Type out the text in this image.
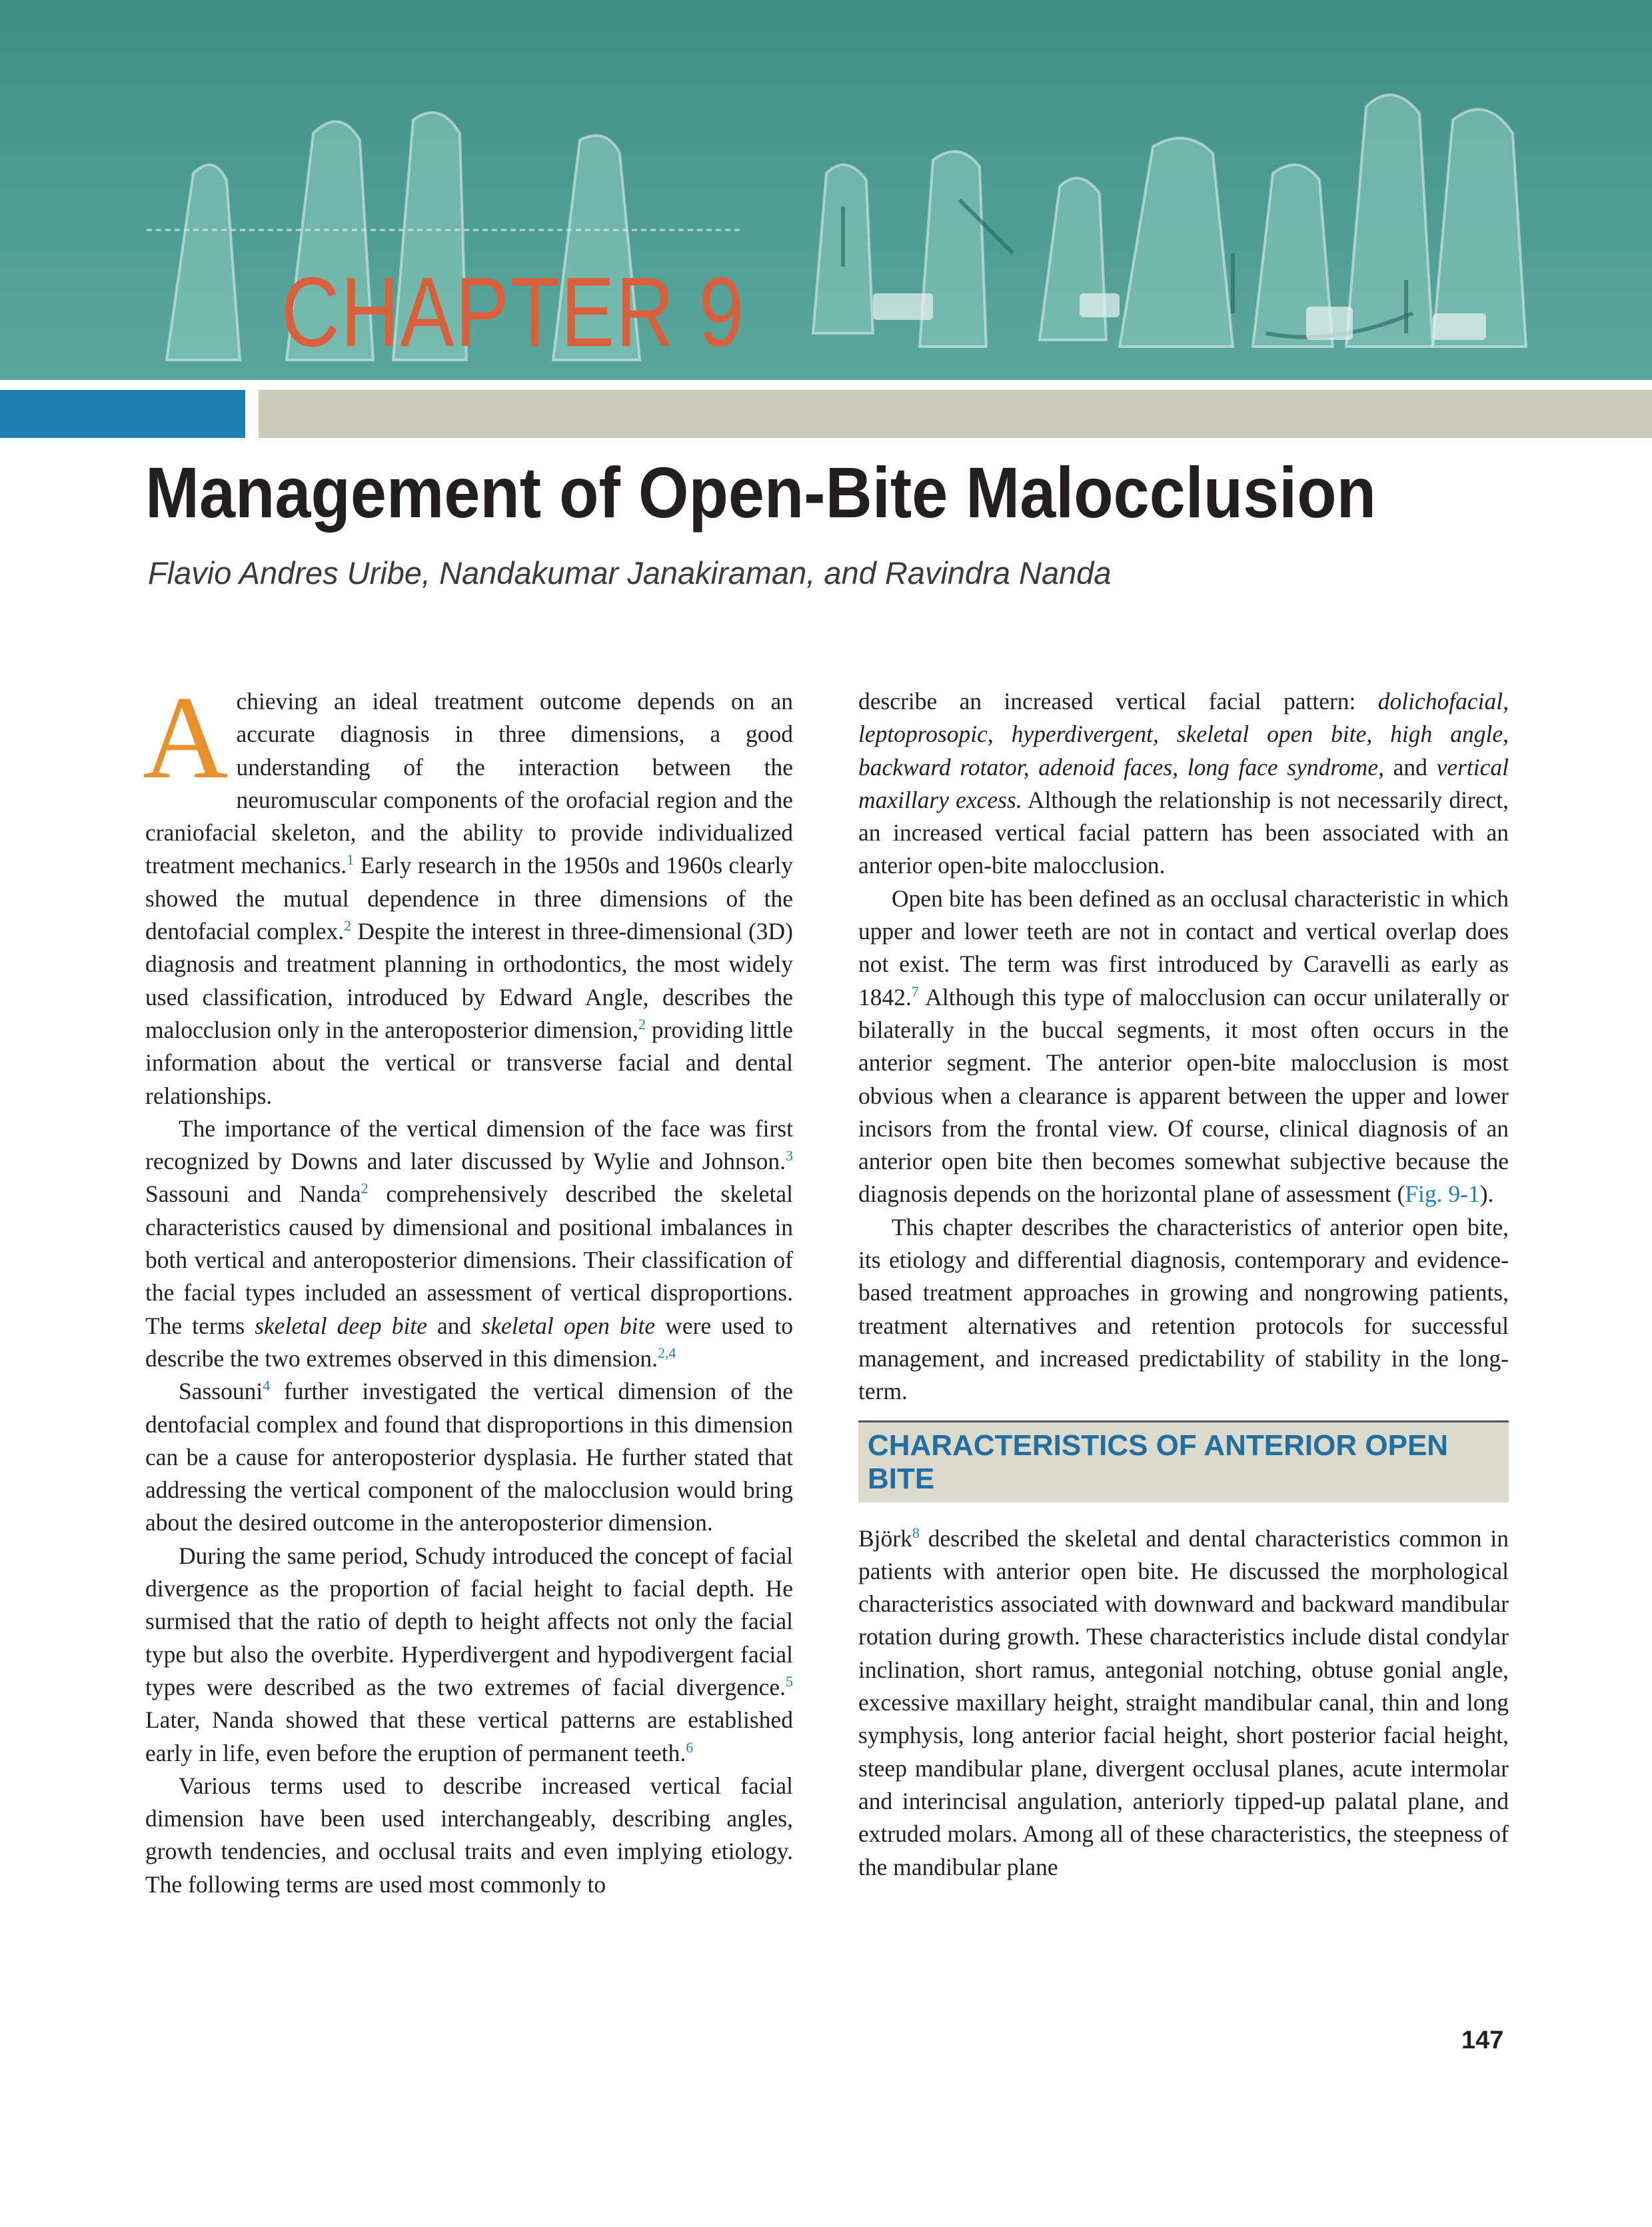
CHAPTER 9
Management of Open-Bite Malocclusion
Flavio Andres Uribe, Nandakumar Janakiraman, and Ravindra Nanda

Achieving an ideal treatment outcome depends on an accurate diagnosis in three dimensions, a good understanding of the interaction between the neuromuscular components of the orofacial region and the craniofacial skeleton, and the ability to provide individualized treatment mechanics.$^1$ Early research in the 1950s and 1960s clearly showed the mutual dependence in three dimensions of the dentofacial complex.$^2$ Despite the interest in three-dimensional (3D) diagnosis and treatment planning in orthodontics, the most widely used classification, introduced by Edward Angle, describes the malocclusion only in the anteroposterior dimension,$^2$ providing little information about the vertical or transverse facial and dental relationships.

The importance of the vertical dimension of the face was first recognized by Downs and later discussed by Wylie and Johnson.$^3$ Sassouni and Nanda$^2$ comprehensively described the skeletal characteristics caused by dimensional and positional imbalances in both vertical and anteroposterior dimensions. Their classification of the facial types included an assessment of vertical disproportions. The terms skeletal deep bite and skeletal open bite were used to describe the two extremes observed in this dimension.$^{2,4}$

Sassouni$^4$ further investigated the vertical dimension of the dentofacial complex and found that disproportions in this dimension can be a cause for anteroposterior dysplasia. He further stated that addressing the vertical component of the malocclusion would bring about the desired outcome in the anteroposterior dimension.

During the same period, Schudy introduced the concept of facial divergence as the proportion of facial height to facial depth. He surmised that the ratio of depth to height affects not only the facial type but also the overbite. Hyperdivergent and hypodivergent facial types were described as the two extremes of facial divergence.$^5$ Later, Nanda showed that these vertical patterns are established early in life, even before the eruption of permanent teeth.$^6$

Various terms used to describe increased vertical facial dimension have been used interchangeably, describing angles, growth tendencies, and occlusal traits and even implying etiology. The following terms are used most commonly to

describe an increased vertical facial pattern: dolichofacial, leptoprosopic, hyperdivergent, skeletal open bite, high angle, backward rotator, adenoid faces, long face syndrome, and vertical maxillary excess. Although the relationship is not necessarily direct, an increased vertical facial pattern has been associated with an anterior open-bite malocclusion.

Open bite has been defined as an occlusal characteristic in which upper and lower teeth are not in contact and vertical overlap does not exist. The term was first introduced by Caravelli as early as 1842.$^7$ Although this type of malocclusion can occur unilaterally or bilaterally in the buccal segments, it most often occurs in the anterior segment. The anterior open-bite malocclusion is most obvious when a clearance is apparent between the upper and lower incisors from the frontal view. Of course, clinical diagnosis of an anterior open bite then becomes somewhat subjective because the diagnosis depends on the horizontal plane of assessment (Fig. 9-1).

This chapter describes the characteristics of anterior open bite, its etiology and differential diagnosis, contemporary and evidence-based treatment approaches in growing and nongrowing patients, treatment alternatives and retention protocols for successful management, and increased predictability of stability in the long-term.

CHARACTERISTICS OF ANTERIOR OPEN BITE

Björk$^8$ described the skeletal and dental characteristics common in patients with anterior open bite. He discussed the morphological characteristics associated with downward and backward mandibular rotation during growth. These characteristics include distal condylar inclination, short ramus, antegonial notching, obtuse gonial angle, excessive maxillary height, straight mandibular canal, thin and long symphysis, long anterior facial height, short posterior facial height, steep mandibular plane, divergent occlusal planes, acute intermolar and interincisal angulation, anteriorly tipped-up palatal plane, and extruded molars. Among all of these characteristics, the steepness of the mandibular plane

147
